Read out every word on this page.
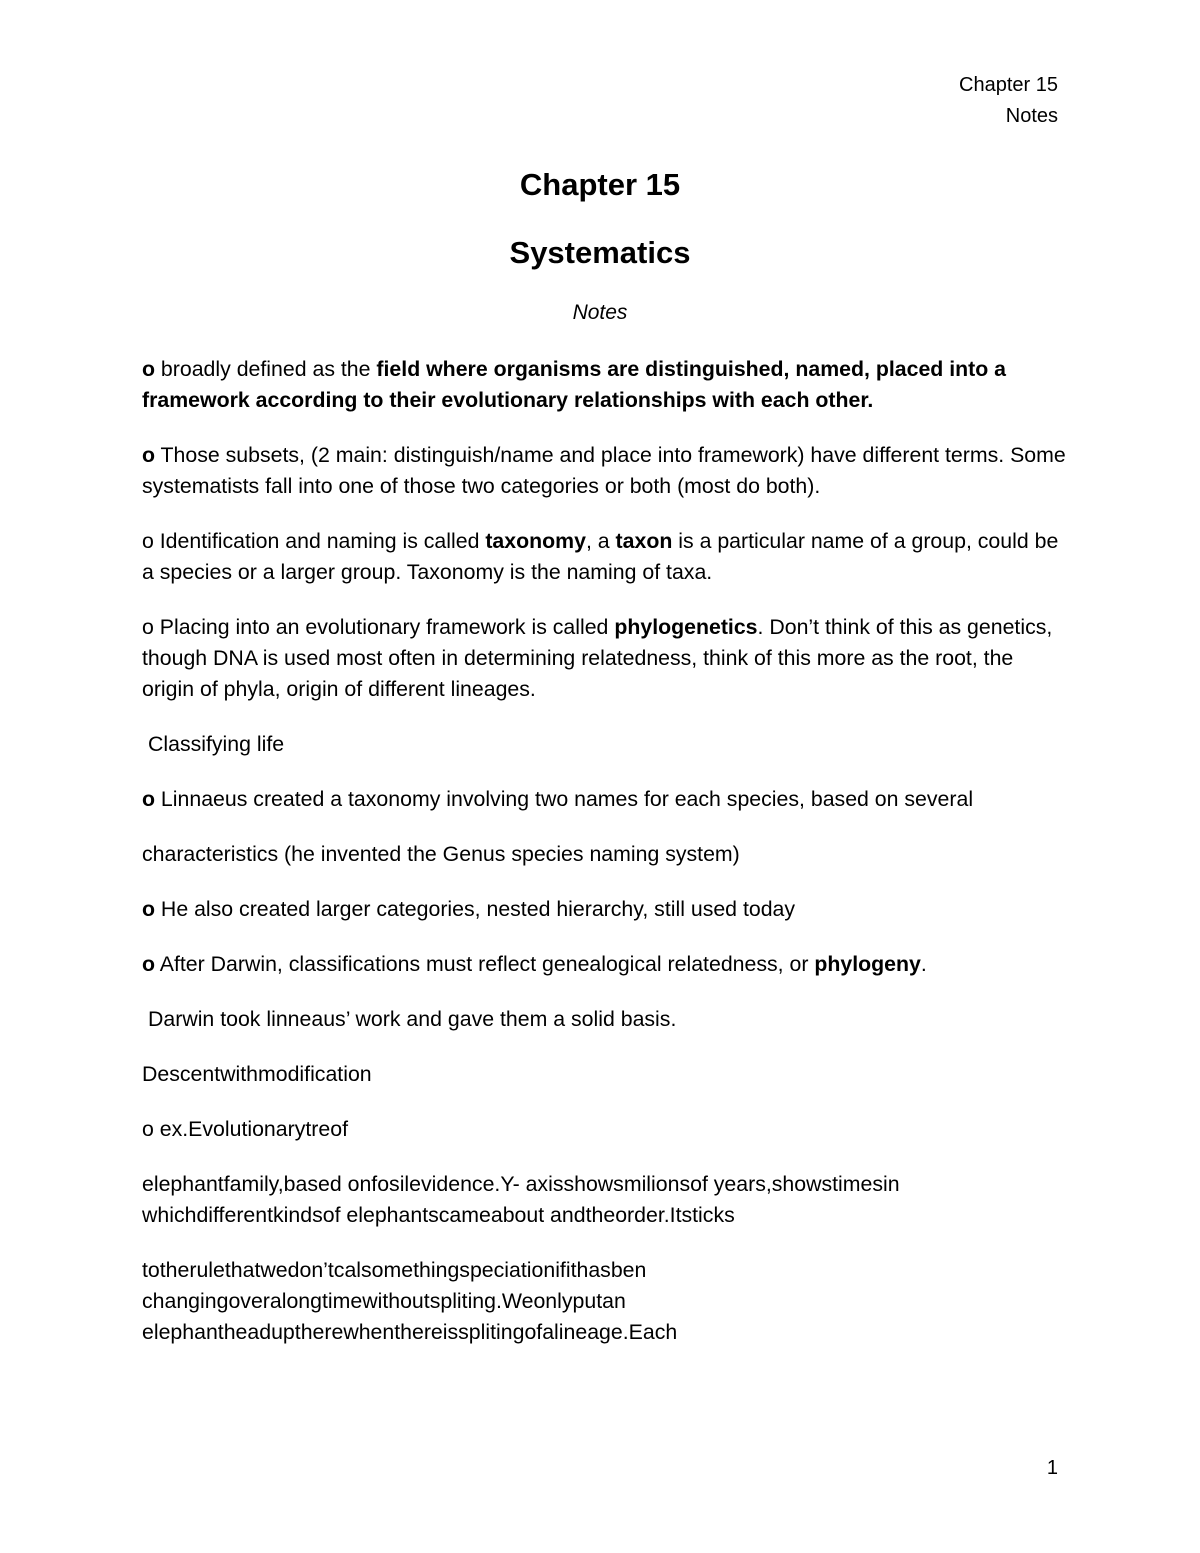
Chapter 15
Notes
Chapter 15
Systematics
Notes

o broadly defined as the field where organisms are distinguished, named, placed into a framework according to their evolutionary relationships with each other.

o Those subsets, (2 main: distinguish/name and place into framework) have different terms. Some systematists fall into one of those two categories or both (most do both).

o Identification and naming is called taxonomy, a taxon is a particular name of a group, could be a species or a larger group. Taxonomy is the naming of taxa.

o Placing into an evolutionary framework is called phylogenetics. Don’t think of this as genetics, though DNA is used most often in determining relatedness, think of this more as the root, the origin of phyla, origin of different lineages.

Classifying life

o Linnaeus created a taxonomy involving two names for each species, based on several

characteristics (he invented the Genus species naming system)

o He also created larger categories, nested hierarchy, still used today

o After Darwin, classifications must reflect genealogical relatedness, or phylogeny.

Darwin took linneaus’ work and gave them a solid basis.

Descentwithmodification

o ex.Evolutionarytreof

elephantfamily,based onfosilevidence.Y- axisshowsmilionsof years,showstimesin whichdifferentkindsof elephantscameabout andtheorder.Itsticks

totherulethatwedon’tcalsomethingspeciationifithasben changingoveralongtimewithoutspliting.Weonlyputan elephantheaduptherewhenthereissplitingofalineage.Each

1
